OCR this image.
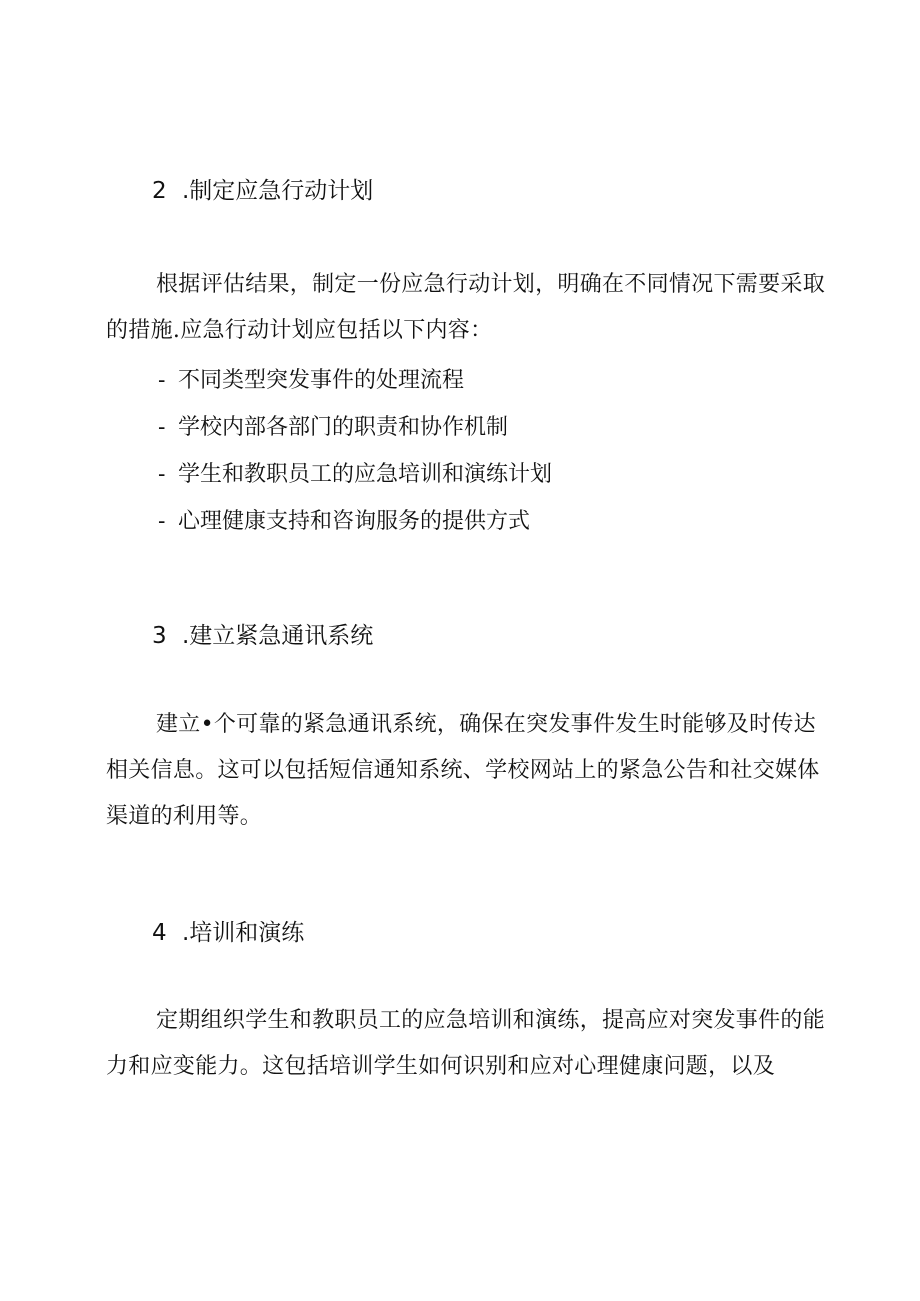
2 .制定应急行动计划

根据评估结果，制定一份应急行动计划，明确在不同情况下需要采取的措施.应急行动计划应包括以下内容：

- 不同类型突发事件的处理流程
- 学校内部各部门的职责和协作机制
- 学生和教职员工的应急培训和演练计划
- 心理健康支持和咨询服务的提供方式
3 .建立紧急通讯系统

建立•个可靠的紧急通讯系统，确保在突发事件发生时能够及时传达相关信息。这可以包括短信通知系统、学校网站上的紧急公告和社交媒体渠道的利用等。

4 .培训和演练

定期组织学生和教职员工的应急培训和演练，提高应对突发事件的能力和应变能力。这包括培训学生如何识别和应对心理健康问题，以及
